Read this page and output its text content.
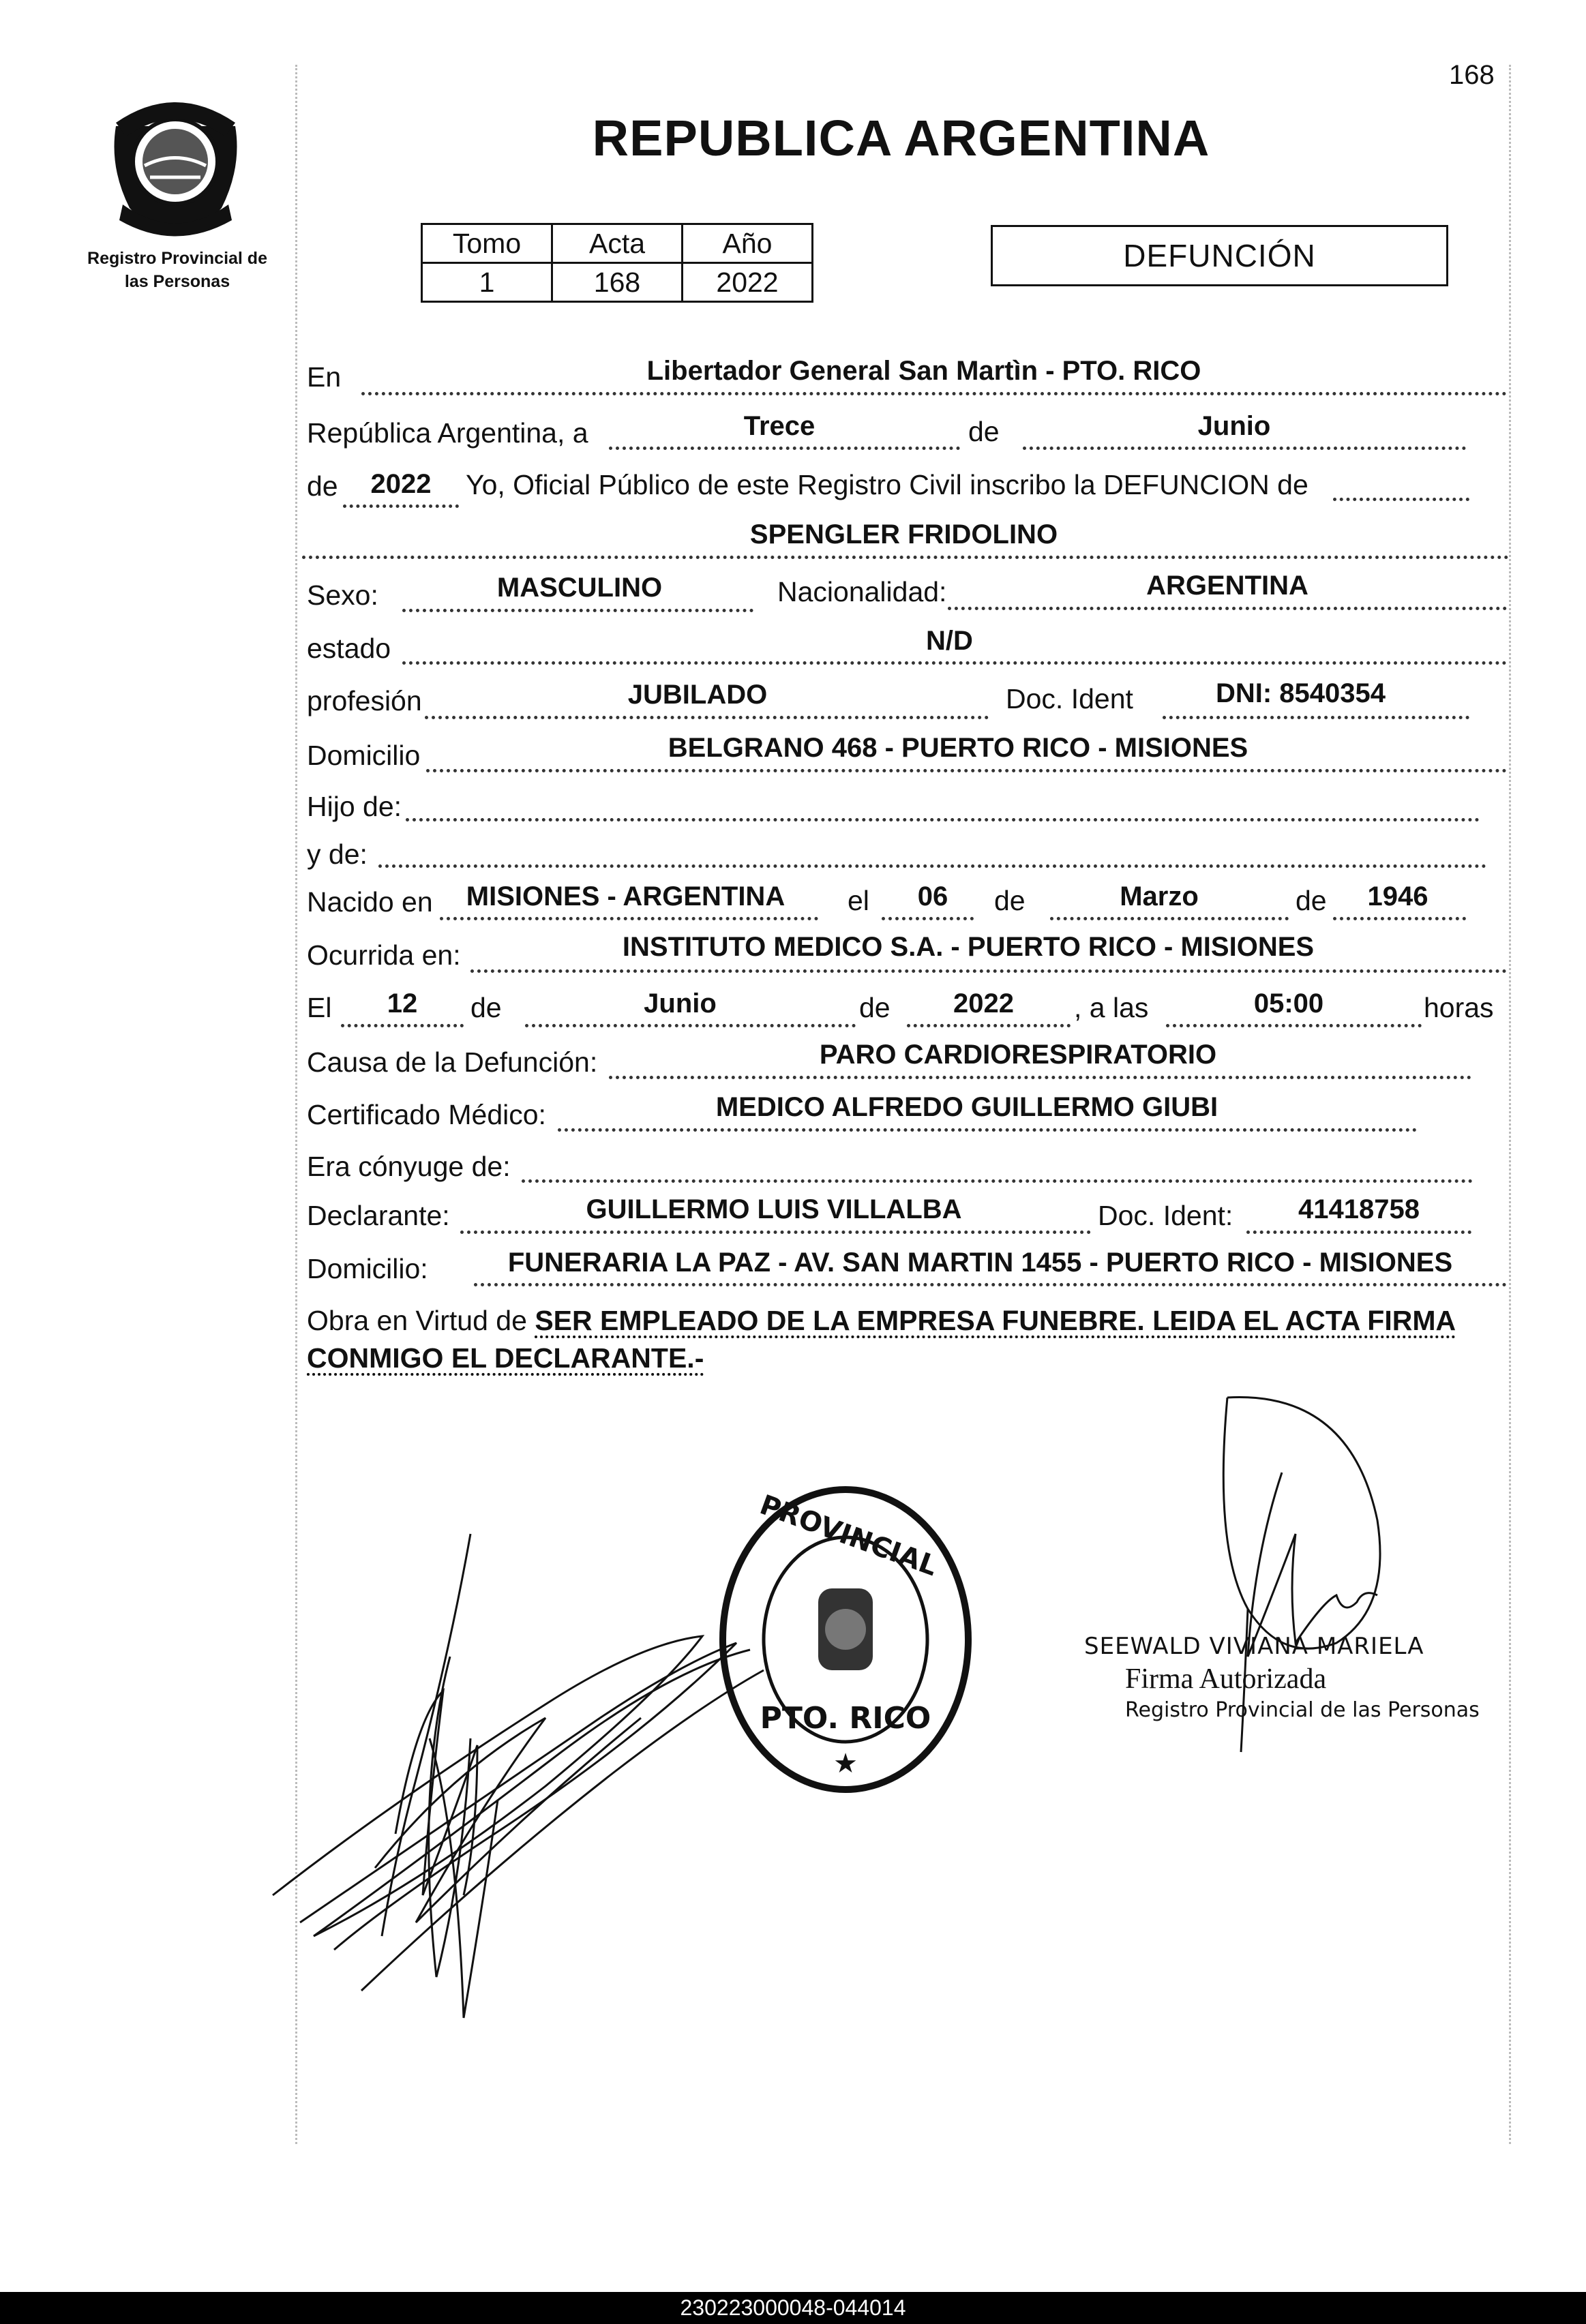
168
REPUBLICA ARGENTINA
Registro Provincial de
las Personas
Tomo	Acta	Año
1	168	2022
DEFUNCIÓN
En	Libertador General San Martìn - PTO. RICO
República Argentina, a	Trece	de	Junio
de	2022	Yo, Oficial Público de este Registro Civil inscribo la DEFUNCION de
SPENGLER FRIDOLINO
Sexo:	MASCULINO	Nacionalidad:	ARGENTINA
estado	N/D
profesión	JUBILADO	Doc. Ident	DNI: 8540354
Domicilio	BELGRANO 468 - PUERTO RICO - MISIONES
Hijo de:
y de:
Nacido en	MISIONES - ARGENTINA	el	06	de	Marzo	de	1946
Ocurrida en:	INSTITUTO MEDICO S.A. - PUERTO RICO - MISIONES
El	12	de	Junio	de	2022	, a las	05:00	horas
Causa de la Defunción:	PARO CARDIORESPIRATORIO
Certificado Médico:	MEDICO ALFREDO GUILLERMO GIUBI
Era cónyuge de:
Declarante:	GUILLERMO LUIS VILLALBA	Doc. Ident:	41418758
Domicilio:	FUNERARIA LA PAZ - AV. SAN MARTIN 1455 - PUERTO RICO - MISIONES
Obra en Virtud de SER EMPLEADO DE LA EMPRESA FUNEBRE. LEIDA EL ACTA FIRMA CONMIGO EL DECLARANTE.-
PROVINCIAL
PTO. RICO
★
SEEWALD VIVIANA MARIELA
Firma Autorizada
Registro Provincial de las Personas
230223000048-044014
